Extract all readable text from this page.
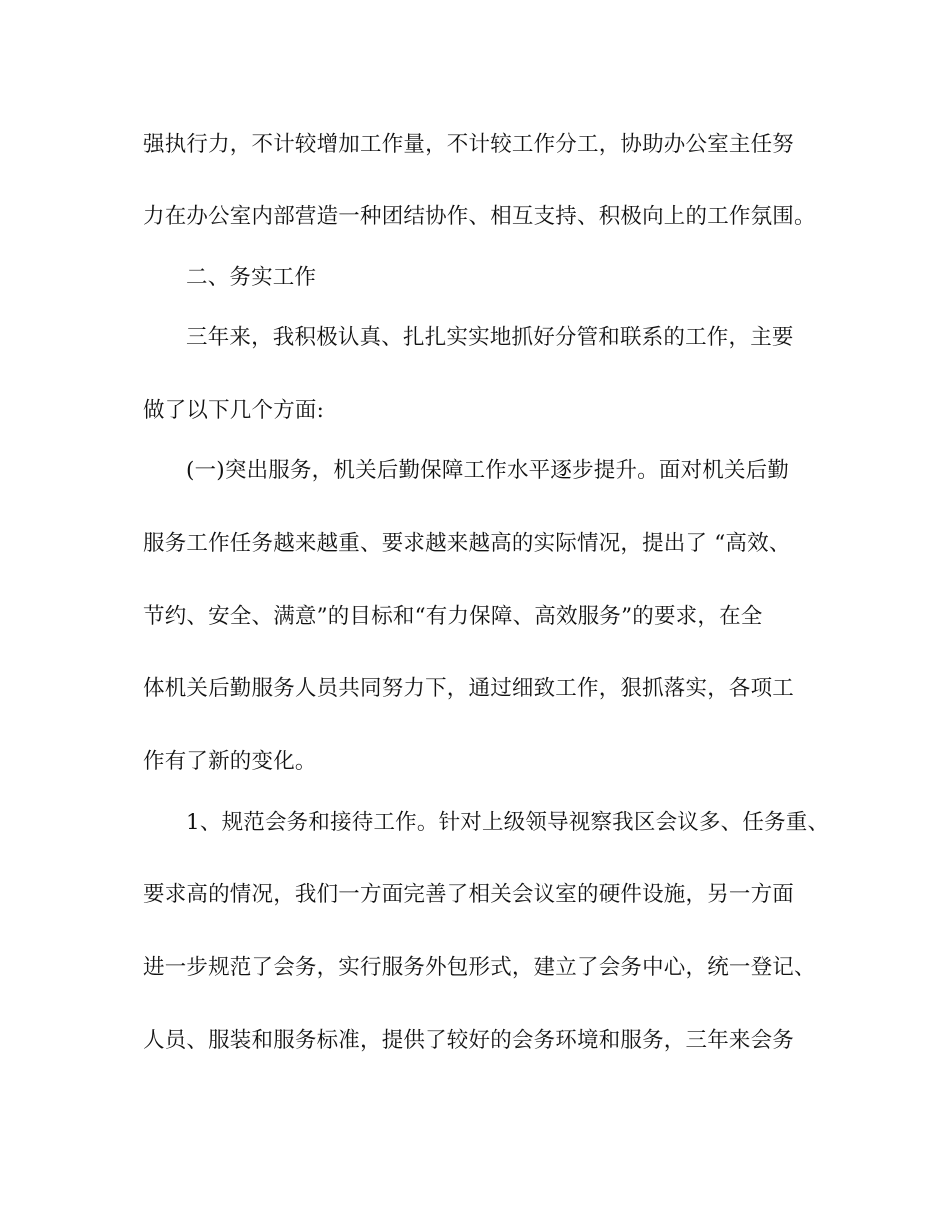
强执行力，不计较增加工作量，不计较工作分工，协助办公室主任努
力在办公室内部营造一种团结协作、相互支持、积极向上的工作氛围。
二、务实工作
三年来，我积极认真、扎扎实实地抓好分管和联系的工作，主要
做了以下几个方面:
(一)突出服务，机关后勤保障工作水平逐步提升。面对机关后勤
服务工作任务越来越重、要求越来越高的实际情况，提出了 “高效、
节约、安全、满意”的目标和“有力保障、高效服务”的要求，在全
体机关后勤服务人员共同努力下，通过细致工作，狠抓落实，各项工
作有了新的变化。
1、规范会务和接待工作。针对上级领导视察我区会议多、任务重、
要求高的情况，我们一方面完善了相关会议室的硬件设施，另一方面
进一步规范了会务，实行服务外包形式，建立了会务中心，统一登记、
人员、服装和服务标准，提供了较好的会务环境和服务，三年来会务
